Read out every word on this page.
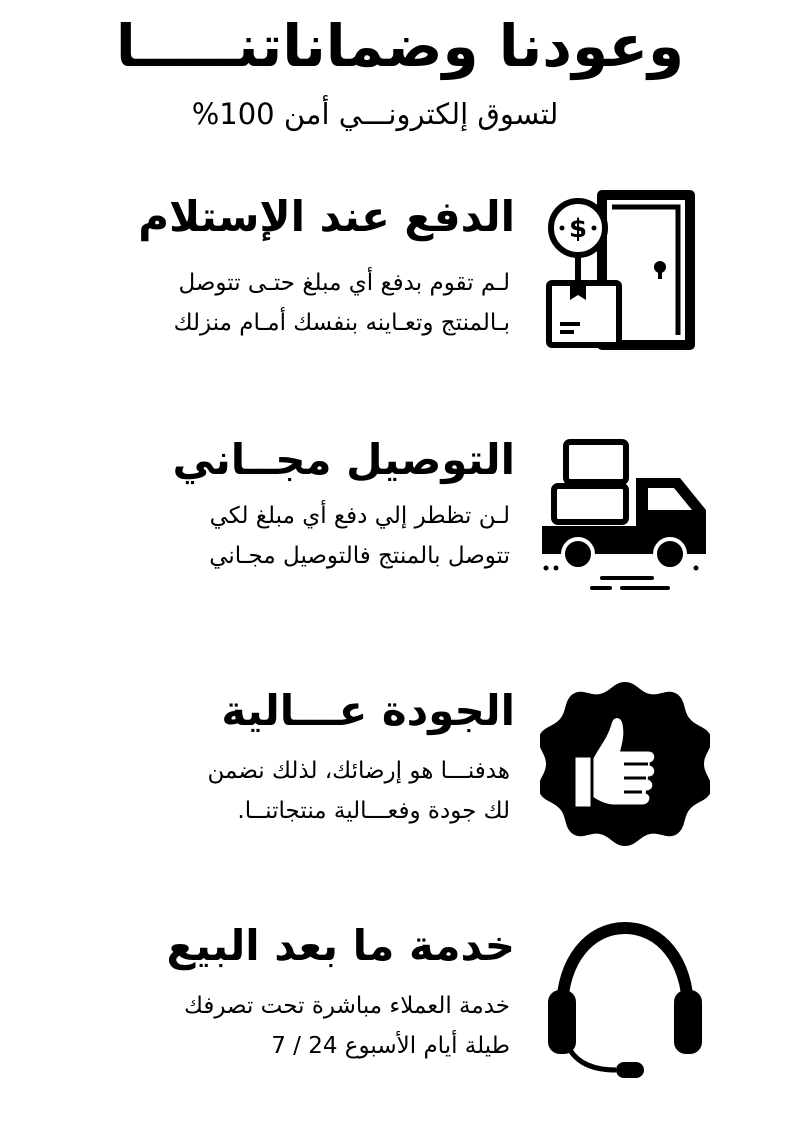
وعودنا وضماناتنـــــا
لتسوق إلكترونـــي أمن 100%
$
الدفع عند الإستلام
لـم تقوم بدفع أي مبلغ حتـى تتوصل
بـالمنتج وتعـاينه بنفسك أمـام منزلك
التوصيل مجــاني
لـن تظطر إلي دفع أي مبلغ لكي
تتوصل بالمنتج فالتوصيل مجـاني
الجودة عـــالية
هدفنـــا هو إرضائك، لذلك نضمن
لك جودة وفعـــالية منتجاتنــا.
خدمة ما بعد البيع
خدمة العملاء مباشرة تحت تصرفك
طيلة أيام الأسبوع 24 / 7
